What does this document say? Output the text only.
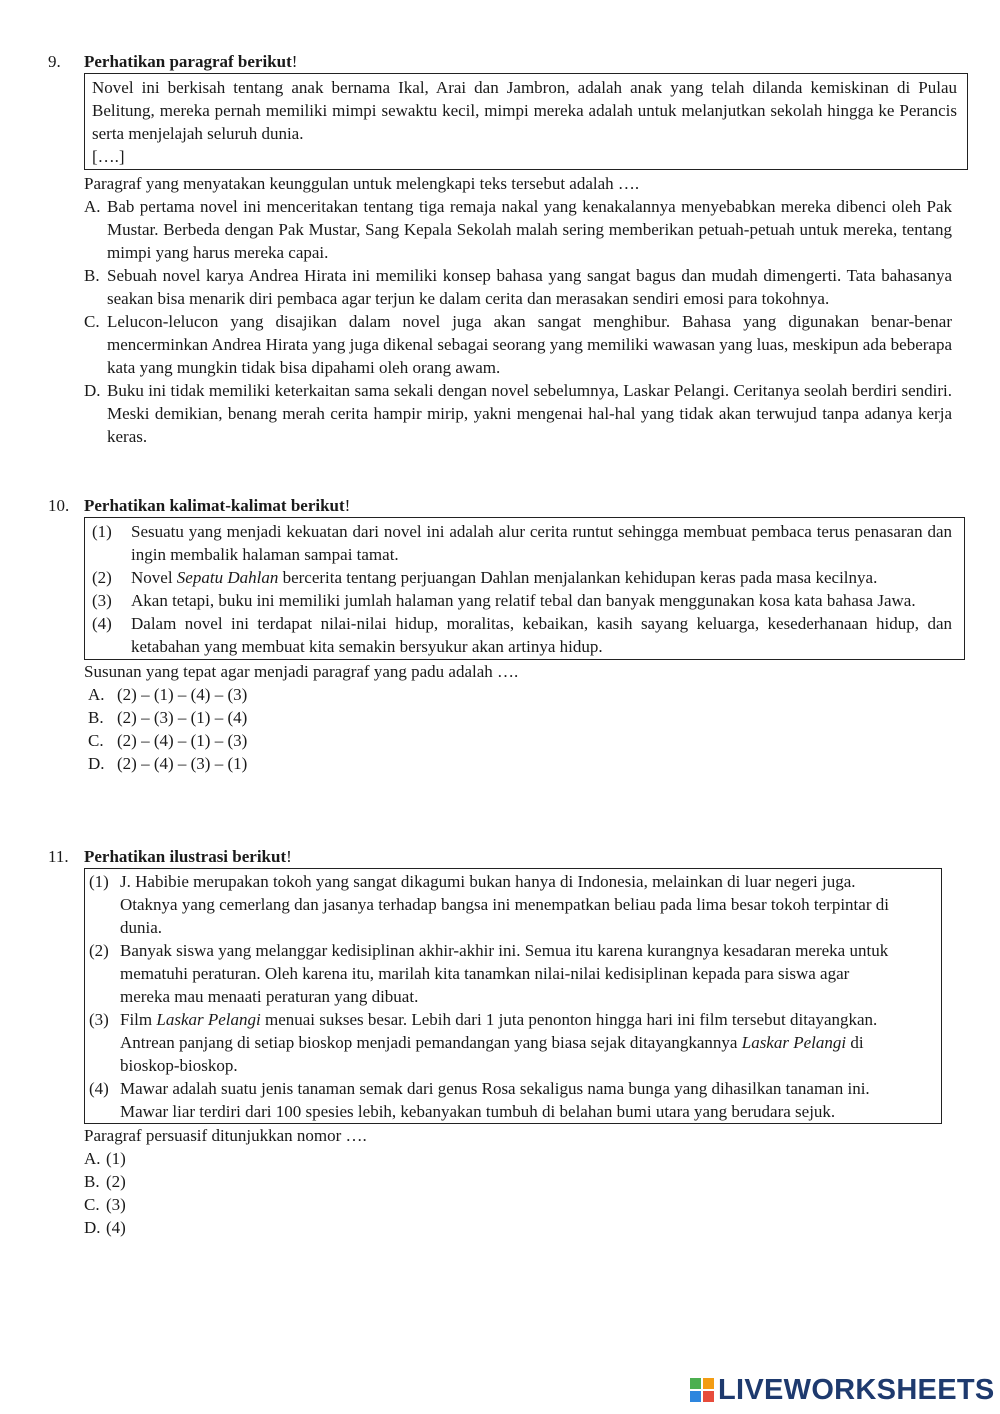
9. Perhatikan paragraf berikut!
Novel ini berkisah tentang anak bernama Ikal, Arai dan Jambron, adalah anak yang telah dilanda kemiskinan di Pulau Belitung, mereka pernah memiliki mimpi sewaktu kecil, mimpi mereka adalah untuk melanjutkan sekolah hingga ke Perancis serta menjelajah seluruh dunia.
[….]
Paragraf yang menyatakan keunggulan untuk melengkapi teks tersebut adalah ….
A. Bab pertama novel ini menceritakan tentang tiga remaja nakal yang kenakalannya menyebabkan mereka dibenci oleh Pak Mustar. Berbeda dengan Pak Mustar, Sang Kepala Sekolah malah sering memberikan petuah-petuah untuk mereka, tentang mimpi yang harus mereka capai.
B. Sebuah novel karya Andrea Hirata ini memiliki konsep bahasa yang sangat bagus dan mudah dimengerti. Tata bahasanya seakan bisa menarik diri pembaca agar terjun ke dalam cerita dan merasakan sendiri emosi para tokohnya.
C. Lelucon-lelucon yang disajikan dalam novel juga akan sangat menghibur. Bahasa yang digunakan benar-benar mencerminkan Andrea Hirata yang juga dikenal sebagai seorang yang memiliki wawasan yang luas, meskipun ada beberapa kata yang mungkin tidak bisa dipahami oleh orang awam.
D. Buku ini tidak memiliki keterkaitan sama sekali dengan novel sebelumnya, Laskar Pelangi. Ceritanya seolah berdiri sendiri. Meski demikian, benang merah cerita hampir mirip, yakni mengenai hal-hal yang tidak akan terwujud tanpa adanya kerja keras.
10. Perhatikan kalimat-kalimat berikut!
(1)	Sesuatu yang menjadi kekuatan dari novel ini adalah alur cerita runtut sehingga membuat pembaca terus penasaran dan ingin membalik halaman sampai tamat.
(2)	Novel Sepatu Dahlan bercerita tentang perjuangan Dahlan menjalankan kehidupan keras pada masa kecilnya.
(3)	Akan tetapi, buku ini memiliki jumlah halaman yang relatif tebal dan banyak menggunakan kosa kata bahasa Jawa.
(4)	Dalam novel ini terdapat nilai-nilai hidup, moralitas, kebaikan, kasih sayang keluarga, kesederhanaan hidup, dan ketabahan yang membuat kita semakin bersyukur akan artinya hidup.
Susunan yang tepat agar menjadi paragraf yang padu adalah ….
A. (2) – (1) – (4) – (3)
B. (2) – (3) – (1) – (4)
C. (2) – (4) – (1) – (3)
D. (2) – (4) – (3) – (1)
11. Perhatikan ilustrasi berikut!
(1) J. Habibie merupakan tokoh yang sangat dikagumi bukan hanya di Indonesia, melainkan di luar negeri juga. Otaknya yang cemerlang dan jasanya terhadap bangsa ini menempatkan beliau pada lima besar tokoh terpintar di dunia.
(2) Banyak siswa yang melanggar kedisiplinan akhir-akhir ini. Semua itu karena kurangnya kesadaran mereka untuk mematuhi peraturan. Oleh karena itu, marilah kita tanamkan nilai-nilai kedisiplinan kepada para siswa agar mereka mau menaati peraturan yang dibuat.
(3) Film Laskar Pelangi menuai sukses besar. Lebih dari 1 juta penonton hingga hari ini film tersebut ditayangkan. Antrean panjang di setiap bioskop menjadi pemandangan yang biasa sejak ditayangkannya Laskar Pelangi di bioskop-bioskop.
(4) Mawar adalah suatu jenis tanaman semak dari genus Rosa sekaligus nama bunga yang dihasilkan tanaman ini. Mawar liar terdiri dari 100 spesies lebih, kebanyakan tumbuh di belahan bumi utara yang berudara sejuk.
Paragraf persuasif ditunjukkan nomor ….
A. (1)
B. (2)
C. (3)
D. (4)
LIVEWORKSHEETS
